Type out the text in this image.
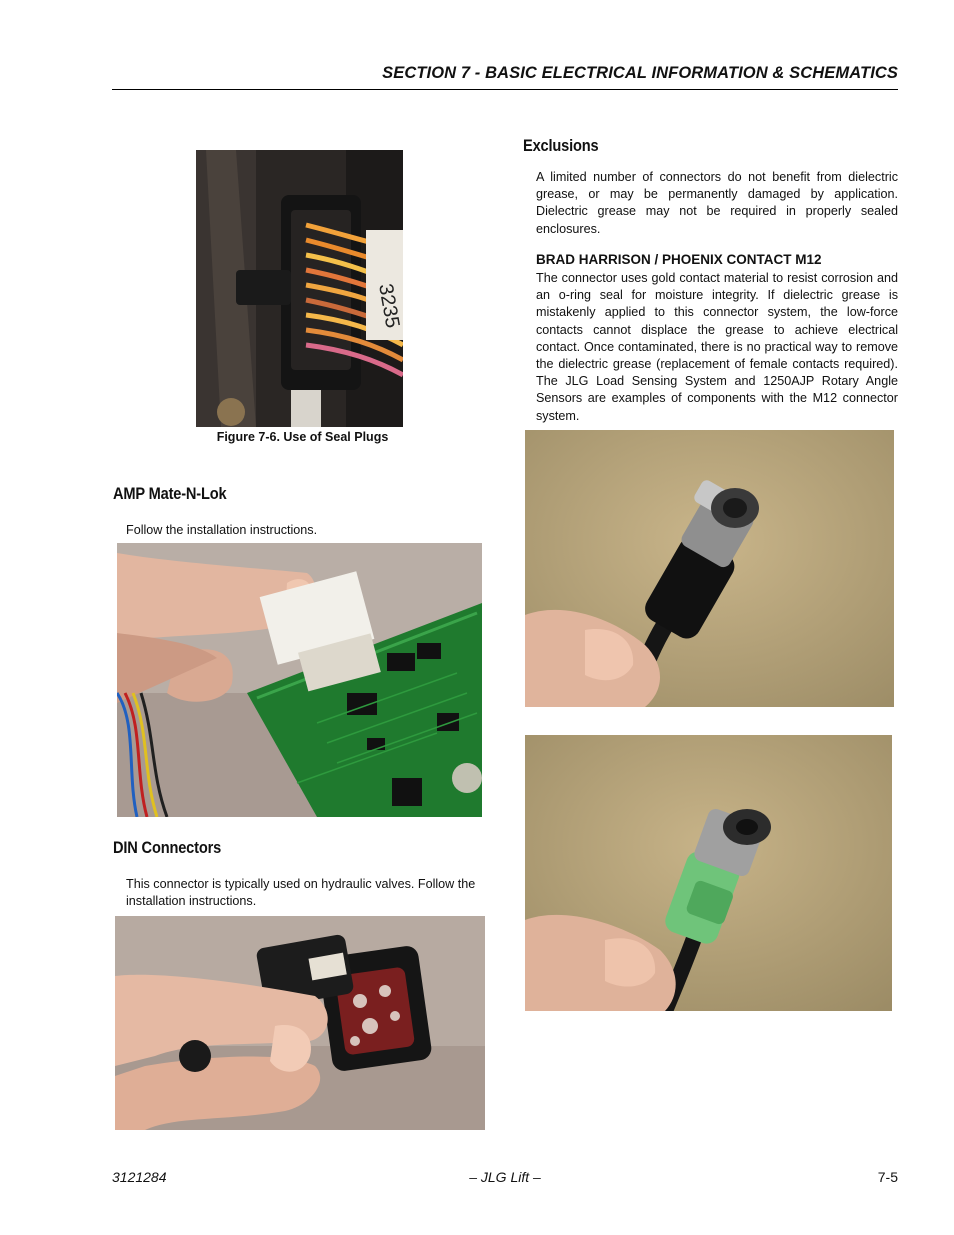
SECTION 7 - BASIC ELECTRICAL INFORMATION & SCHEMATICS
3235
Figure 7-6. Use of Seal Plugs
AMP Mate-N-Lok
Follow the installation instructions.
DIN Connectors
This connector is typically used on hydraulic valves. Follow the installation instructions.
Exclusions
A limited number of connectors do not benefit from dielectric grease, or may be permanently damaged by application. Dielectric grease may not be required in properly sealed enclosures.
BRAD HARRISON / PHOENIX CONTACT M12
The connector uses gold contact material to resist corrosion and an o-ring seal for moisture integrity. If dielectric grease is mistakenly applied to this connector system, the low-force contacts cannot displace the grease to achieve electrical contact. Once contaminated, there is no practical way to remove the dielectric grease (replacement of female contacts required). The JLG Load Sensing System and 1250AJP Rotary Angle Sensors are examples of components with the M12 connector system.
3121284	– JLG Lift –	7-5
